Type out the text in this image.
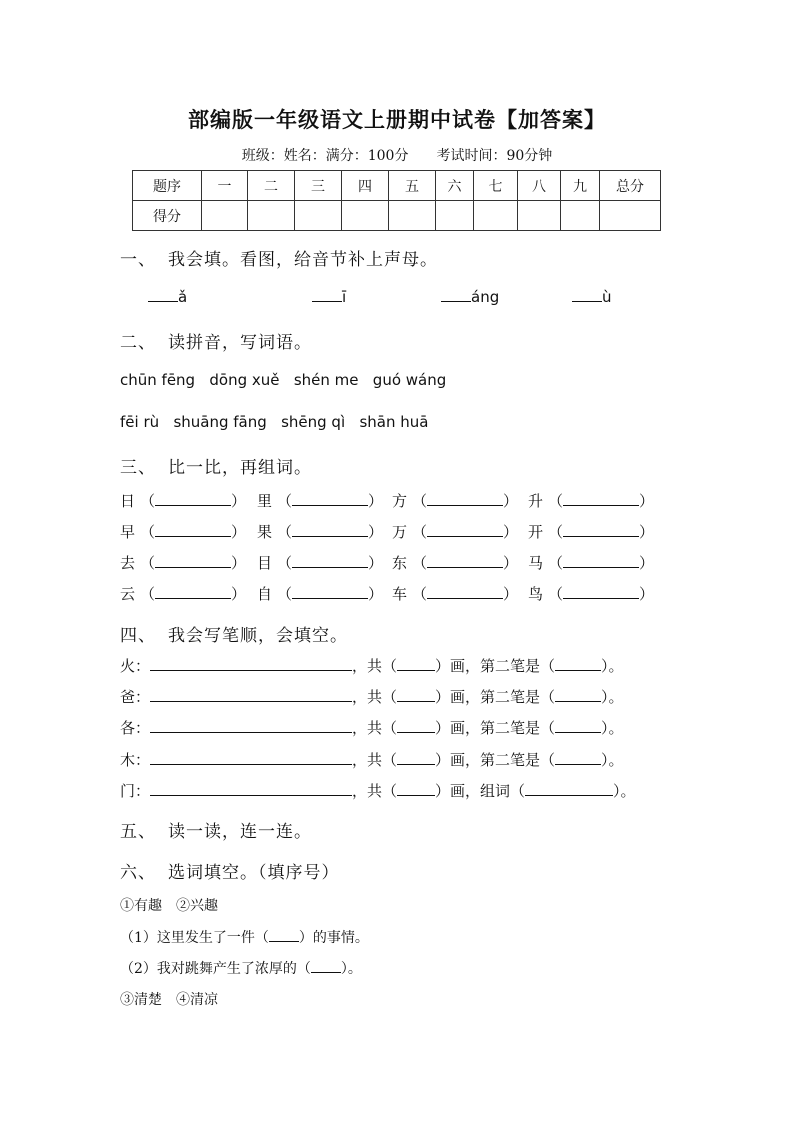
部编版一年级语文上册期中试卷【加答案】
班级：姓名：满分：100分　　考试时间：90分钟
题序	一	二	三	四	五	六	七	八	九	总分
得分										
一、 我会填。看图，给音节补上声母。
ǎ	ī	áng	ù
二、 读拼音，写词语。
chūn fēng dōng xuě shén me guó wáng
fēi rù shuāng fāng shēng qì shān huā
三、 比一比，再组词。
日 （	） 里 （	） 方 （	） 升 （	）
早 （	） 果 （	） 万 （	） 开 （	）
去 （	） 目 （	） 东 （	） 马 （	）
云 （	） 自 （	） 车 （	） 鸟 （	）
四、 我会写笔顺，会填空。
火：	，共（	）画，第二笔是（	）。
爸：	，共（	）画，第二笔是（	）。
各：	，共（	）画，第二笔是（	）。
木：	，共（	）画，第二笔是（	）。
门：	，共（	）画，组词（	）。
五、 读一读，连一连。
六、 选词填空。（填序号）
①有趣　②兴趣
（1）这里发生了一件（ ）的事情。
（2）我对跳舞产生了浓厚的（ ）。
③清楚　④清凉
